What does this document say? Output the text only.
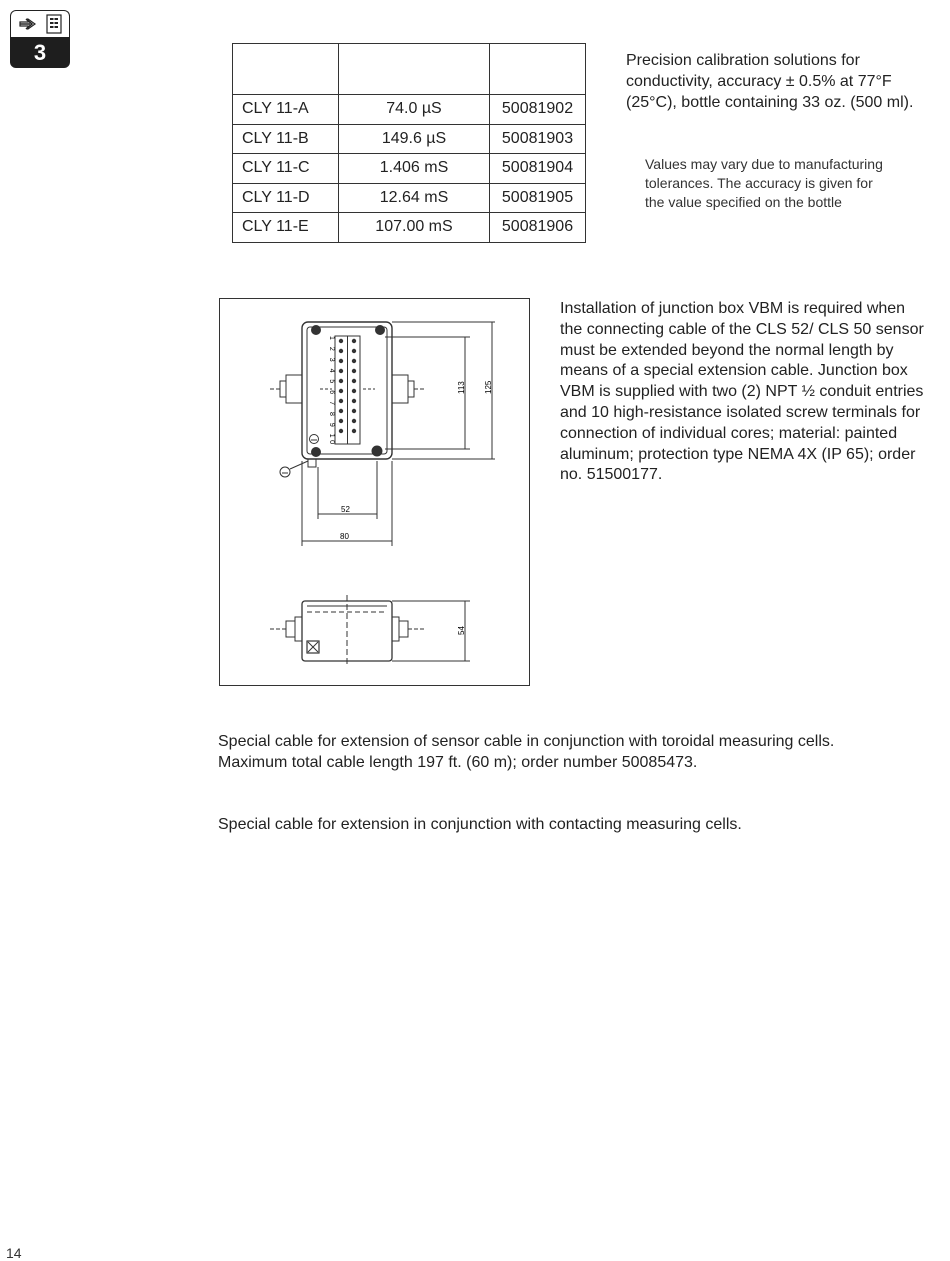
3

CLY 11-A	74.0 µS	50081902
CLY 11-B	149.6 µS	50081903
CLY 11-C	1.406 mS	50081904
CLY 11-D	12.64 mS	50081905
CLY 11-E	107.00 mS	50081906
Precision calibration solutions for conductivity, accuracy ± 0.5% at 77°F (25°C), bottle containing 33 oz. (500 ml).
Values may vary due to manufacturing tolerances. The accuracy is given for the value specified on the bottle
1 2 3 4 5 6 7 8 9 10
52
80
113 125
54
Installation of junction box VBM is required when the connecting cable of the CLS 52/ CLS 50 sensor must be extended beyond the normal length by means of a special extension cable. Junction box VBM is supplied with two (2) NPT ½ conduit entries and 10 high-resistance isolated screw terminals for connection of individual cores; material: painted aluminum; protection type NEMA 4X (IP 65); order no. 51500177.
Special cable for extension of sensor cable in conjunction with toroidal measuring cells.
Maximum total cable length 197 ft. (60 m); order number 50085473.
Special cable for extension in conjunction with contacting measuring cells.
14
